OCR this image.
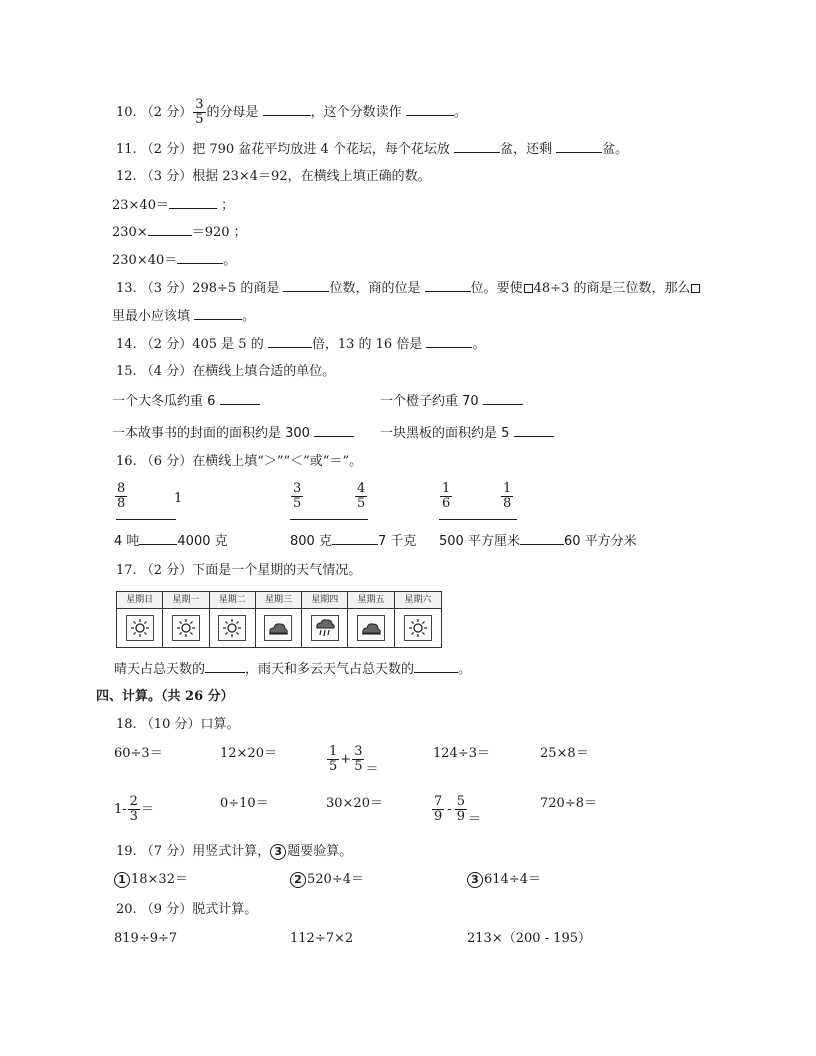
10. （2 分） $\frac{3}{5}$ 的分母是	，这个分数读作	。
11. （2 分）把 790 盆花平均放进 4 个花坛，每个花坛放	盆，还剩	盆。
12. （3 分）根据 23×4＝92，在横线上填正确的数。
23×40＝	；
230×	＝920 ；
230×40＝	。
13. （3 分）298÷5 的商是	位数，商的位是	位。要使 48÷3 的商是三位数，那么
里最小应该填	。
14. （2 分）405 是 5 的	倍，13 的 16 倍是	。
15. （4 分）在横线上填合适的单位。
一个大冬瓜约重 6	一个橙子约重 70
一本故事书的封面的面积约是 300	一块黑板的面积约是 5
16. （6 分）在横线上填“＞”“＜”或“＝”。
$\frac{8}{8}$	1	$\frac{3}{5}$	$\frac{4}{5}$	$\frac{1}{6}$	$\frac{1}{8}$
4 吨	4000 克	800 克	7 千克 500 平方厘米	60 平方分米
17. （2 分）下面是一个星期的天气情况。
星期日	星期一	星期二	星期三	星期四	星期五	星期六
晴天占总天数的	，雨天和多云天气占总天数的	。
四、计算。（共 26 分）
18. （10 分）口算。
60÷3＝	12×20＝	$\frac{1}{5} + \frac{3}{5}$ ＝
124÷3＝	25×8＝
$1- \frac{2}{3}$ ＝	0÷10＝	30×20＝	$\frac{7}{9} - \frac{5}{9}$ ＝
720÷8＝
19. （7 分）用竖式计算， 3 题要验算。
1 18×32＝	2 520÷4＝	3 614÷4＝
20. （9 分）脱式计算。
819÷9÷7	112÷7×2	213×（200 - 195）
